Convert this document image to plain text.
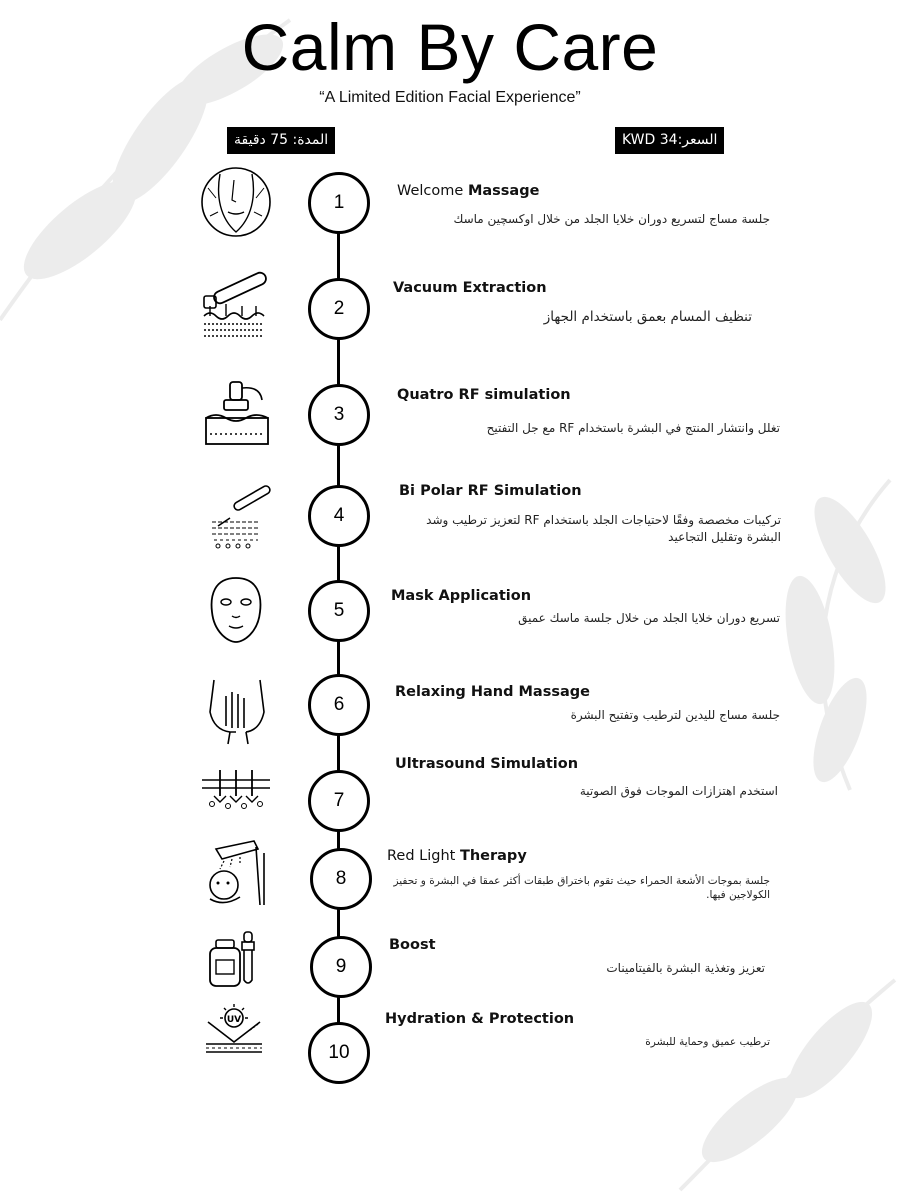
Calm By Care
“A Limited Edition Facial Experience”
المدة: 75 دقيقة	السعر:34 KWD
1
Welcome Massage
جلسة مساج لتسريع دوران خلايا الجلد من خلال اوكسچين ماسك
2
Vacuum Extraction
تنظيف المسام بعمق باستخدام الجهاز
3
Quatro RF simulation
تغلل وانتشار المنتج في البشرة باستخدام RF مع جل التفتيح
4
Bi Polar RF Simulation
تركيبات مخصصة وفقًا لاحتياجات الجلد باستخدام RF لتعزيز ترطيب وشد البشرة وتقليل التجاعيد
5
Mask Application
تسريع دوران خلايا الجلد من خلال جلسة ماسك عميق
6
Relaxing Hand Massage
جلسة مساج لليدين لترطيب وتفتيح البشرة
7
Ultrasound Simulation
استخدم اهتزازات الموجات فوق الصوتية
8
Red Light Therapy
جلسة بموجات الأشعة الحمراء حيث تقوم باختراق طبقات أكثر عمقا في البشرة و تحفيز الكولاجين فيها.
9
Boost
تعزيز وتغذية البشرة بالفيتامينات
UV
10
Hydration & Protection
ترطيب عميق وحماية للبشرة
